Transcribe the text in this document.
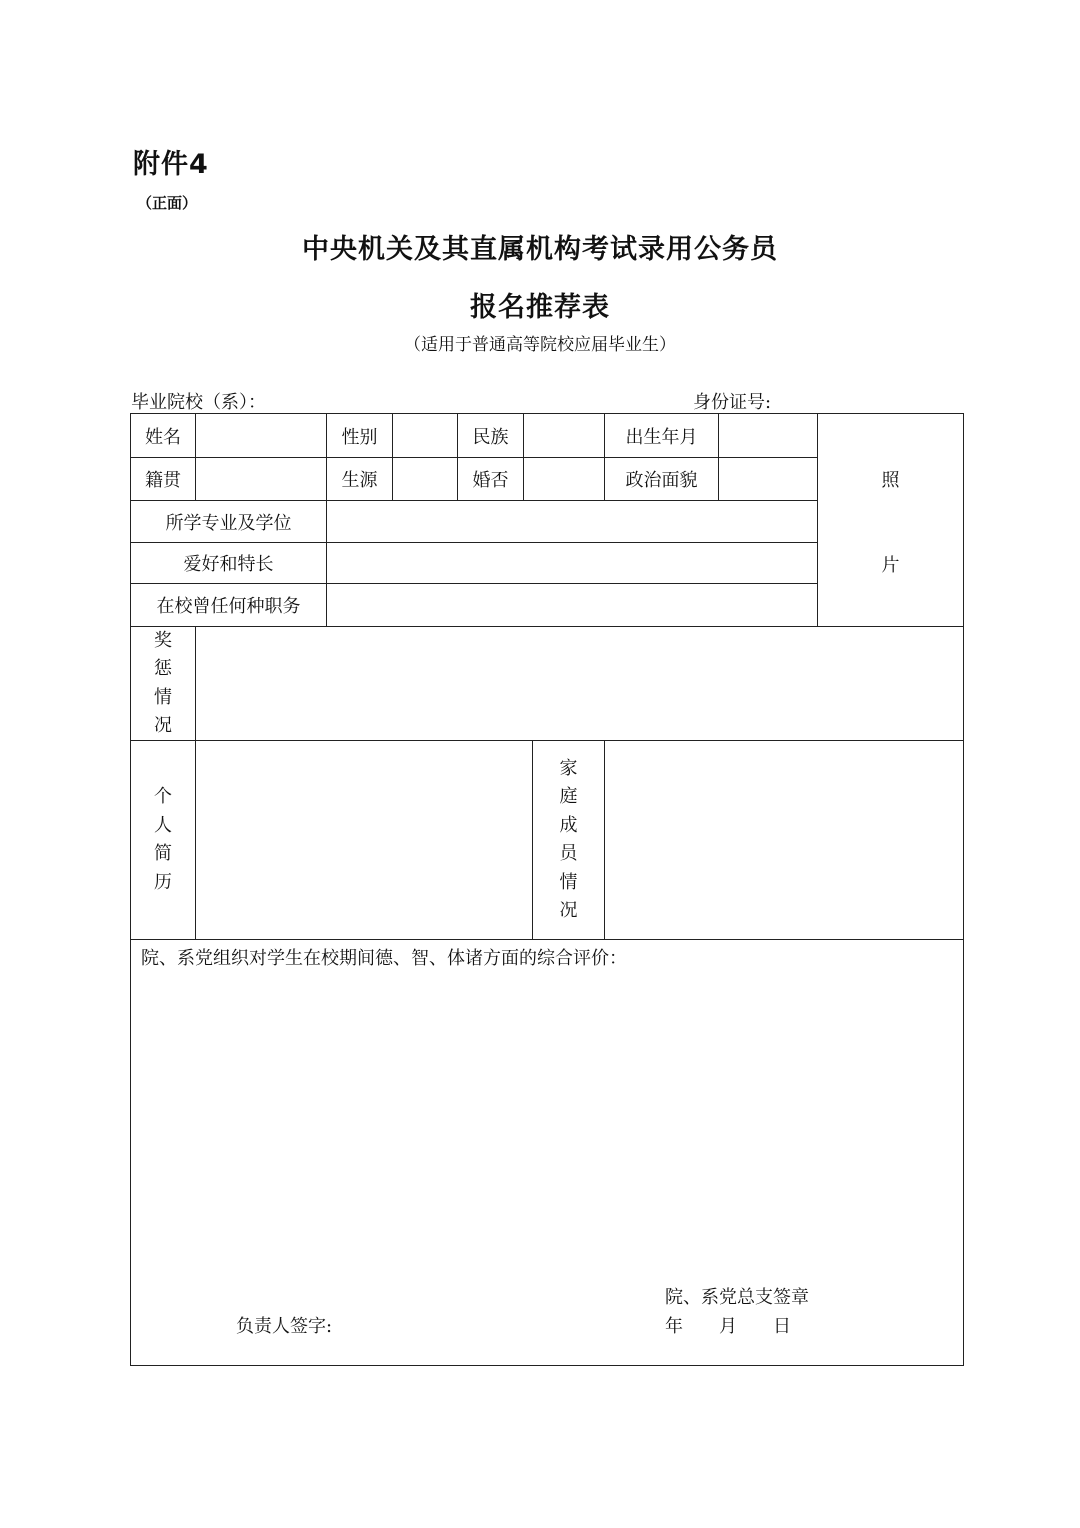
附件4
（正面）
中央机关及其直属机构考试录用公务员
报名推荐表
（适用于普通高等院校应届毕业生）
毕业院校（系）：	身份证号:
姓名	性别	民族	出生年月
籍贯	生源	婚否	政治面貌	照
片
所学专业及学位
爱好和特长
在校曾任何种职务
奖
惩
情
况
个
人
简
历
家
庭
成
员
情
况
院、系党组织对学生在校期间德、智、体诸方面的综合评价：
院、系党总支签章
年　　月　　日
负责人签字:
